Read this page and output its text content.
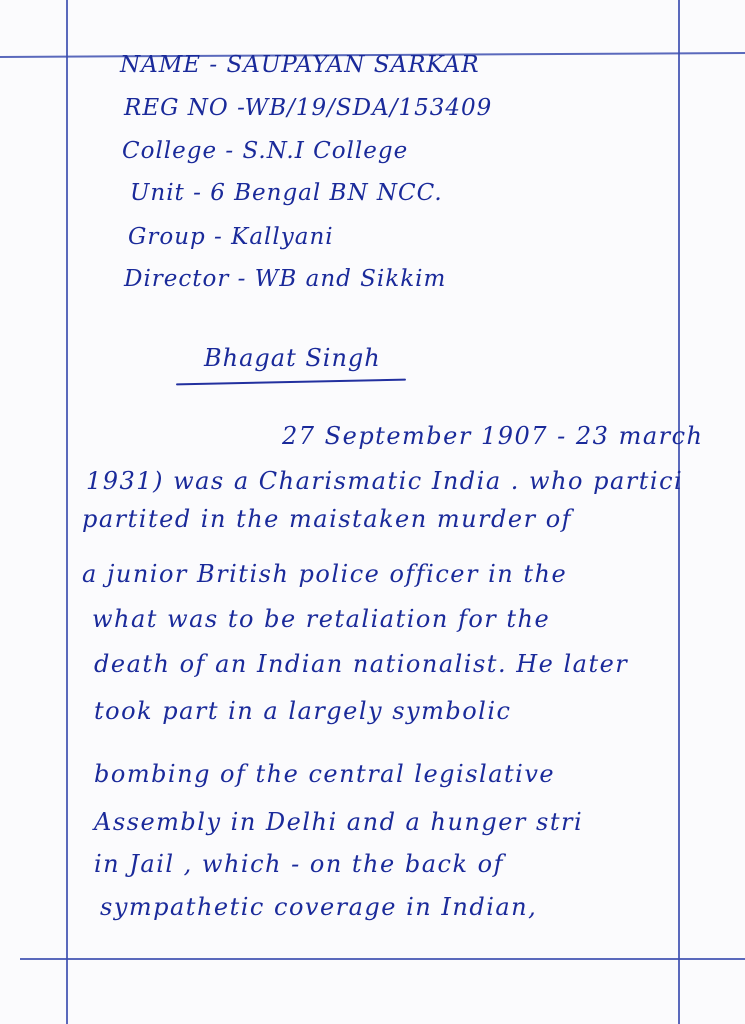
NAME - SAUPAYAN SARKAR
REG NO -WB/19/SDA/153409
College - S.N.I College
Unit - 6 Bengal BN NCC.
Group - Kallyani
Director - WB and Sikkim
Bhagat Singh
27 September 1907 - 23 march
1931) was a Charismatic India . who partici
partited in the maistaken murder of
a junior British police officer in the
what was to be retaliation for the
death of an Indian nationalist. He later
took part in a largely symbolic
bombing of the central legislative
Assembly in Delhi and a hunger stri
in Jail , which - on the back of
sympathetic coverage in Indian,
